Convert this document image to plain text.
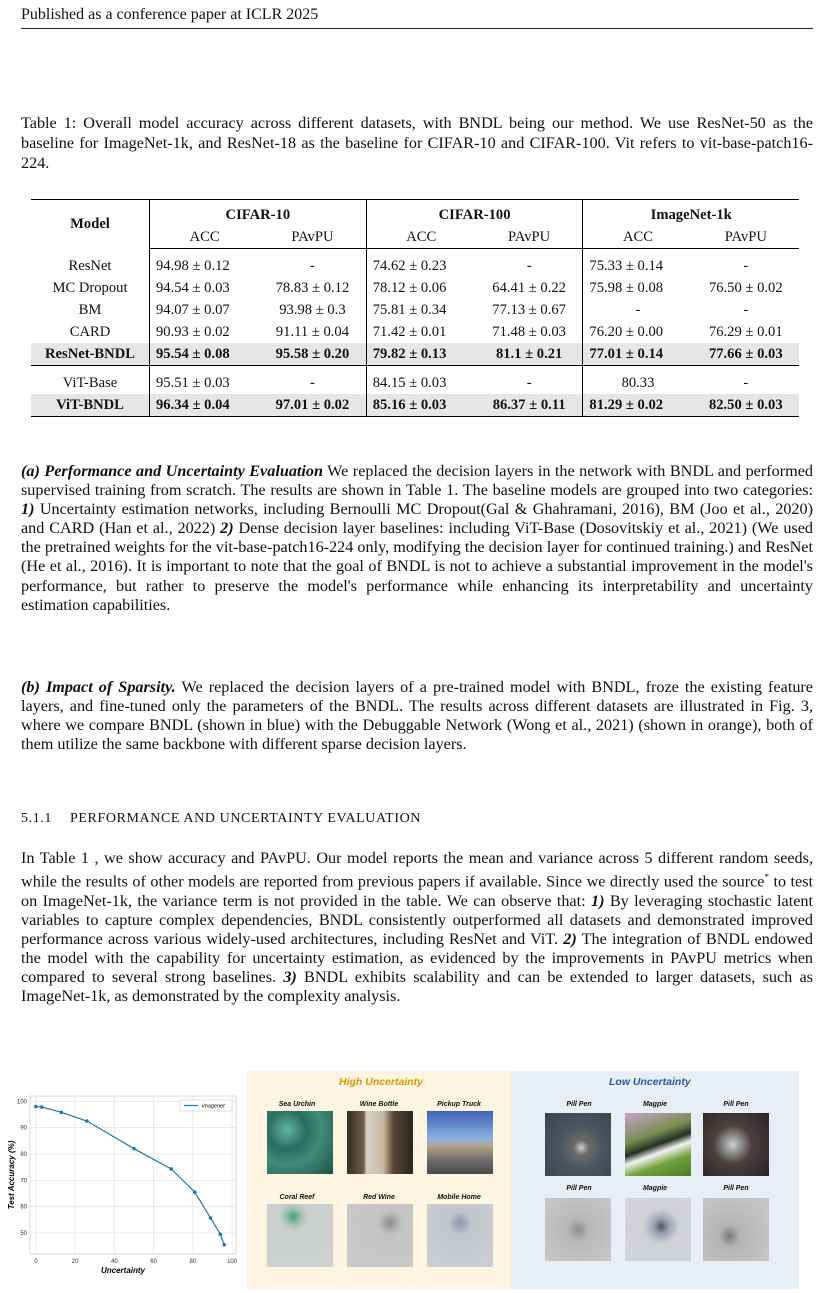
Published as a conference paper at ICLR 2025
Table 1: Overall model accuracy across different datasets, with BNDL being our method. We use ResNet-50 as the baseline for ImageNet-1k, and ResNet-18 as the baseline for CIFAR-10 and CIFAR-100. Vit refers to vit-base-patch16-224.
Model	CIFAR-10		CIFAR-100		ImageNet-1k	
	ACC	PAvPU	ACC	PAvPU	ACC	PAvPU

ResNet	94.98 ± 0.12	-	74.62 ± 0.23	-	75.33 ± 0.14	-
MC Dropout	94.54 ± 0.03	78.83 ± 0.12	78.12 ± 0.06	64.41 ± 0.22	75.98 ± 0.08	76.50 ± 0.02
BM	94.07 ± 0.07	93.98 ± 0.3	75.81 ± 0.34	77.13 ± 0.67	-	-
CARD	90.93 ± 0.02	91.11 ± 0.04	71.42 ± 0.01	71.48 ± 0.03	76.20 ± 0.00	76.29 ± 0.01
ResNet-BNDL	95.54 ± 0.08	95.58 ± 0.20	79.82 ± 0.13	81.1 ± 0.21	77.01 ± 0.14	77.66 ± 0.03

ViT-Base	95.51 ± 0.03	-	84.15 ± 0.03	-	80.33	-
ViT-BNDL	96.34 ± 0.04	97.01 ± 0.02	85.16 ± 0.03	86.37 ± 0.11	81.29 ± 0.02	82.50 ± 0.03

(a) Performance and Uncertainty Evaluation We replaced the decision layers in the network with BNDL and performed supervised training from scratch. The results are shown in Table 1. The baseline models are grouped into two categories: 1) Uncertainty estimation networks, including Bernoulli MC Dropout(Gal & Ghahramani, 2016), BM (Joo et al., 2020) and CARD (Han et al., 2022) 2) Dense decision layer baselines: including ViT-Base (Dosovitskiy et al., 2021) (We used the pretrained weights for the vit-base-patch16-224 only, modifying the decision layer for continued training.) and ResNet (He et al., 2016). It is important to note that the goal of BNDL is not to achieve a substantial improvement in the model's performance, but rather to preserve the model's performance while enhancing its interpretability and uncertainty estimation capabilities.

(b) Impact of Sparsity. We replaced the decision layers of a pre-trained model with BNDL, froze the existing feature layers, and fine-tuned only the parameters of the BNDL. The results across different datasets are illustrated in Fig. 3, where we compare BNDL (shown in blue) with the Debuggable Network (Wong et al., 2021) (shown in orange), both of them utilize the same backbone with different sparse decision layers.

5.1.1 PERFORMANCE AND UNCERTAINTY EVALUATION

In Table 1 , we show accuracy and PAvPU. Our model reports the mean and variance across 5 different random seeds, while the results of other models are reported from previous papers if available. Since we directly used the source* to test on ImageNet-1k, the variance term is not provided in the table. We can observe that: 1) By leveraging stochastic latent variables to capture complex dependencies, BNDL consistently outperformed all datasets and demonstrated improved performance across various widely-used architectures, including ResNet and ViT. 2) The integration of BNDL endowed the model with the capability for uncertainty estimation, as evidenced by the improvements in PAvPU metrics when compared to several strong baselines. 3) BNDL exhibits scalability and can be extended to larger datasets, such as ImageNet-1k, as demonstrated by the complexity analysis.

0	20	40	60	80	100
50
60
70
80
90
100
Uncertainty
Test Accuracy (%)
imagenet
High Uncertainty
Sea Urchin	Wine Bottle	Pickup Truck
Coral Reef	Red Wine	Mobile Home
Low Uncertainty
Pill Pen	Magpie	Pill Pen
Pill Pen	Magpie	Pill Pen
